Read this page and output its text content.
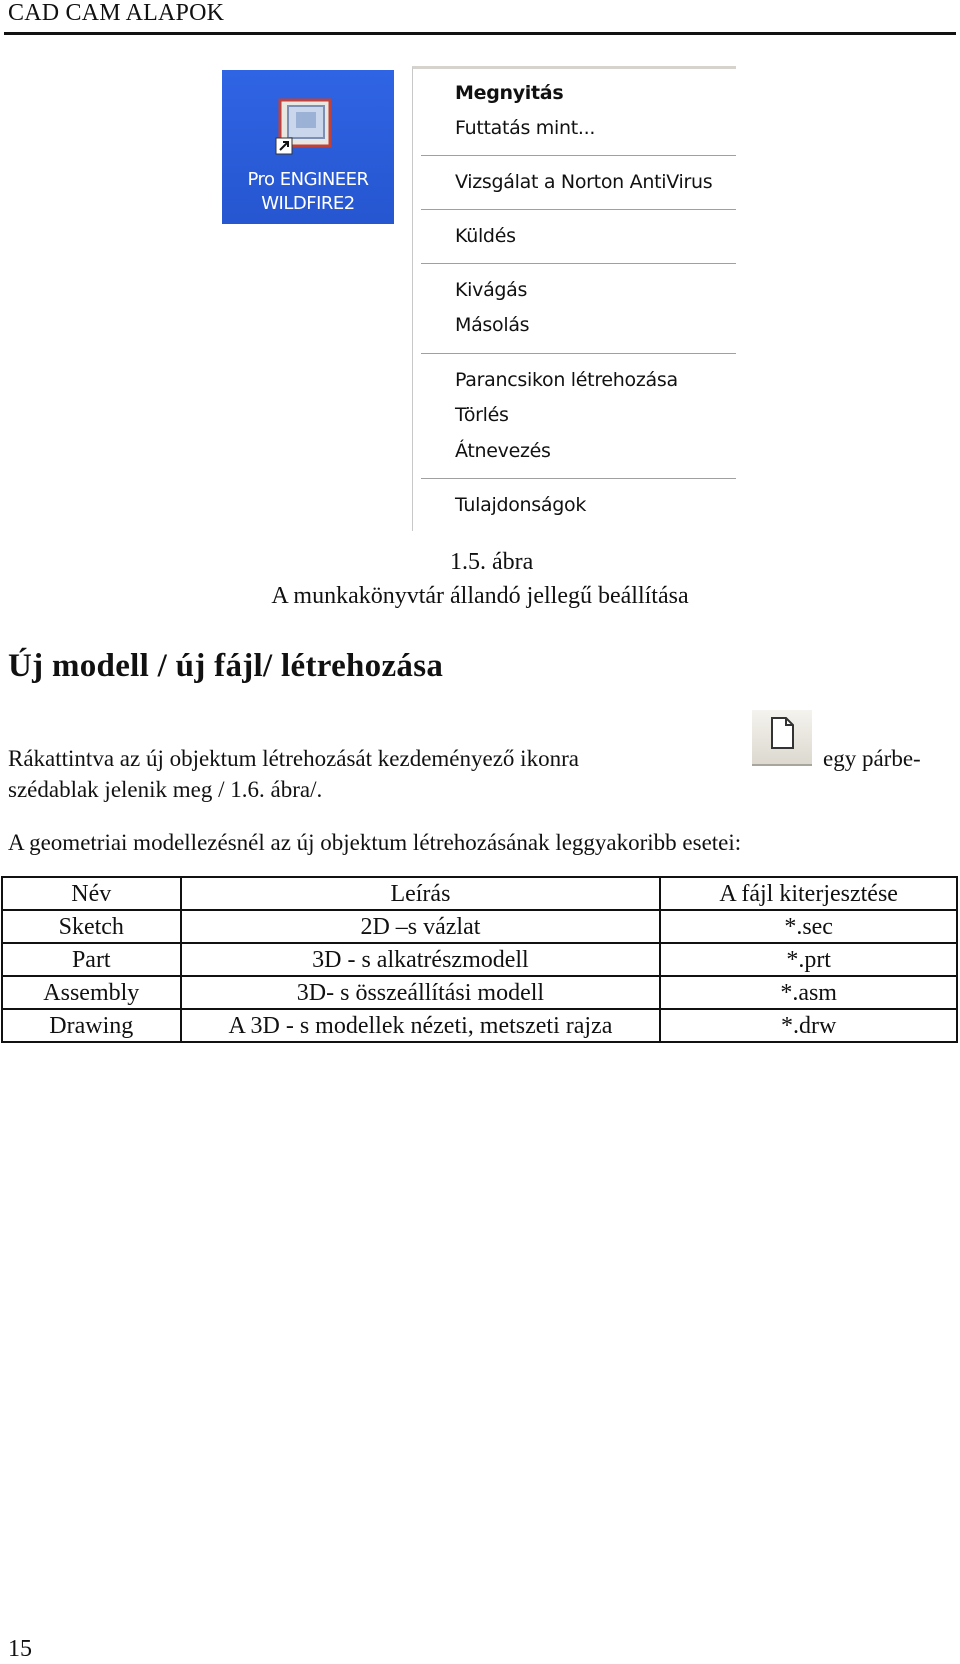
CAD CAM ALAPOK
Pro ENGINEER
WILDFIRE2
Megnyitás
Futtatás mint...
Vizsgálat a Norton AntiVirus
Küldés
Kivágás
Másolás
Parancsikon létrehozása
Törlés
Átnevezés
Tulajdonságok
1.5. ábra
A munkakönyvtár állandó jellegű beállítása
Új modell / új fájl/ létrehozása
Rákattintva az új objektum létrehozását kezdeményező ikonra	egy párbe-
szédablak jelenik meg / 1.6. ábra/.
A geometriai modellezésnél az új objektum létrehozásának leggyakoribb esetei:
Név	Leírás	A fájl kiterjesztése
Sketch	2D –s vázlat	*.sec
Part	3D - s alkatrészmodell	*.prt
Assembly	3D- s összeállítási modell	*.asm
Drawing	A 3D - s modellek nézeti, metszeti rajza	*.drw
15
